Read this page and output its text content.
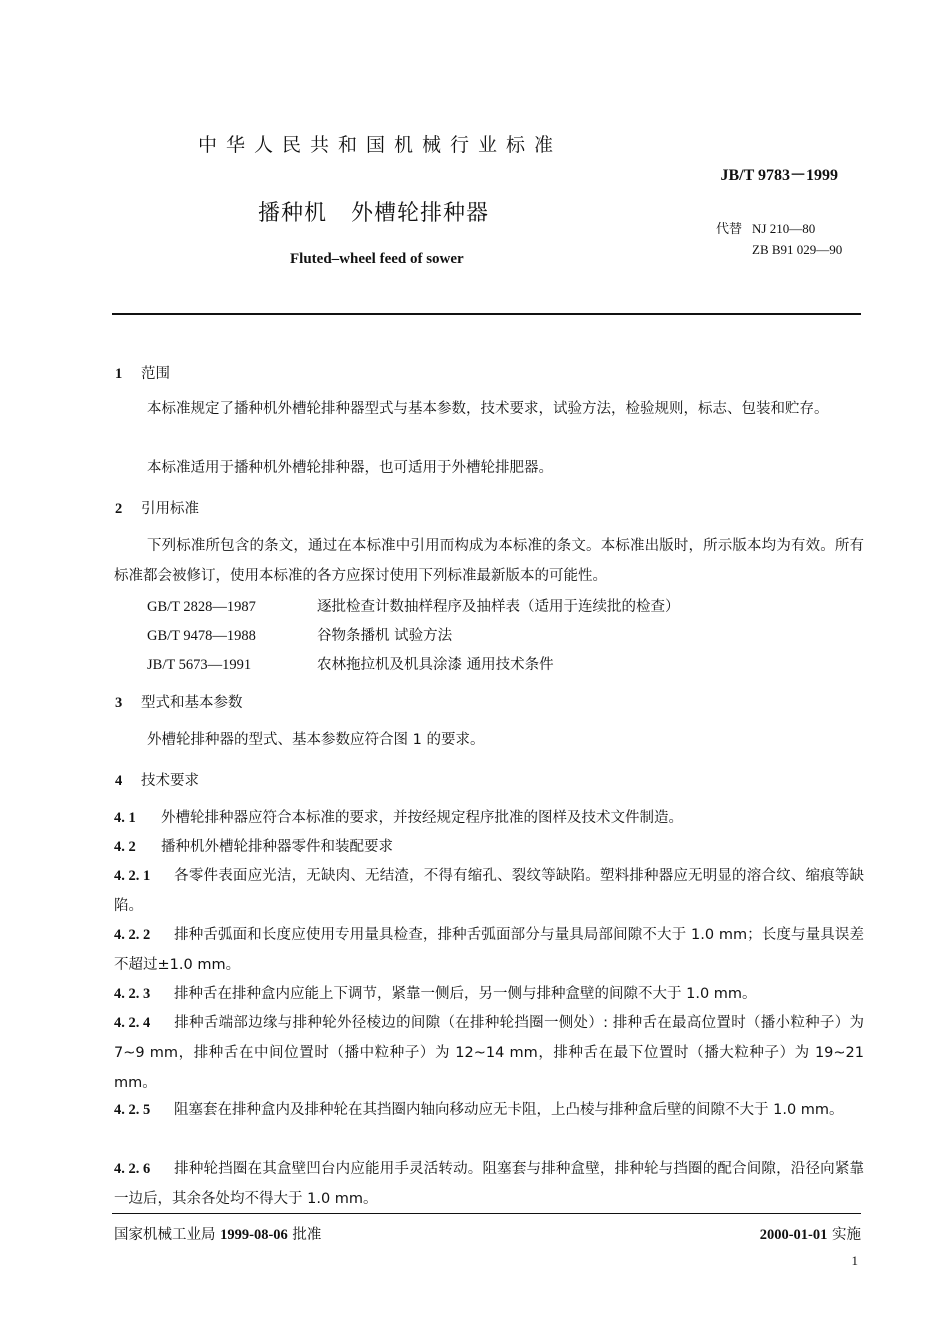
中华人民共和国机械行业标准
JB/T 9783－1999
播种机 外槽轮排种器
代替 NJ 210—80
ZB B91 029—90
Fluted–wheel feed of sower
1 范围
本标准规定了播种机外槽轮排种器型式与基本参数，技术要求，试验方法，检验规则，标志、包装和贮存。
本标准适用于播种机外槽轮排种器，也可适用于外槽轮排肥器。
2 引用标准
下列标准所包含的条文，通过在本标准中引用而构成为本标准的条文。本标准出版时，所示版本均为有效。所有标准都会被修订，使用本标准的各方应探讨使用下列标准最新版本的可能性。
GB/T 2828—1987	逐批检查计数抽样程序及抽样表（适用于连续批的检查）
GB/T 9478—1988	谷物条播机 试验方法
JB/T 5673—1991	农林拖拉机及机具涂漆 通用技术条件
3 型式和基本参数
外槽轮排种器的型式、基本参数应符合图 1 的要求。
4 技术要求
4. 1 外槽轮排种器应符合本标准的要求，并按经规定程序批准的图样及技术文件制造。
4. 2 播种机外槽轮排种器零件和装配要求
4. 2. 1 各零件表面应光洁，无缺肉、无结渣，不得有缩孔、裂纹等缺陷。塑料排种器应无明显的溶合纹、缩痕等缺陷。
4. 2. 2 排种舌弧面和长度应使用专用量具检查，排种舌弧面部分与量具局部间隙不大于 1.0 mm；长度与量具误差不超过±1.0 mm。
4. 2. 3 排种舌在排种盒内应能上下调节，紧靠一侧后，另一侧与排种盒壁的间隙不大于 1.0 mm。
4. 2. 4 排种舌端部边缘与排种轮外径棱边的间隙（在排种轮挡圈一侧处）: 排种舌在最高位置时（播小粒种子）为 7~9 mm，排种舌在中间位置时（播中粒种子）为 12~14 mm，排种舌在最下位置时（播大粒种子）为 19~21 mm。
4. 2. 5 阻塞套在排种盒内及排种轮在其挡圈内轴向移动应无卡阻，上凸棱与排种盒后壁的间隙不大于 1.0 mm。
4. 2. 6 排种轮挡圈在其盒壁凹台内应能用手灵活转动。阻塞套与排种盒壁，排种轮与挡圈的配合间隙，沿径向紧靠一边后，其余各处均不得大于 1.0 mm。
国家机械工业局 1999-08-06 批准	2000-01-01 实施
1
